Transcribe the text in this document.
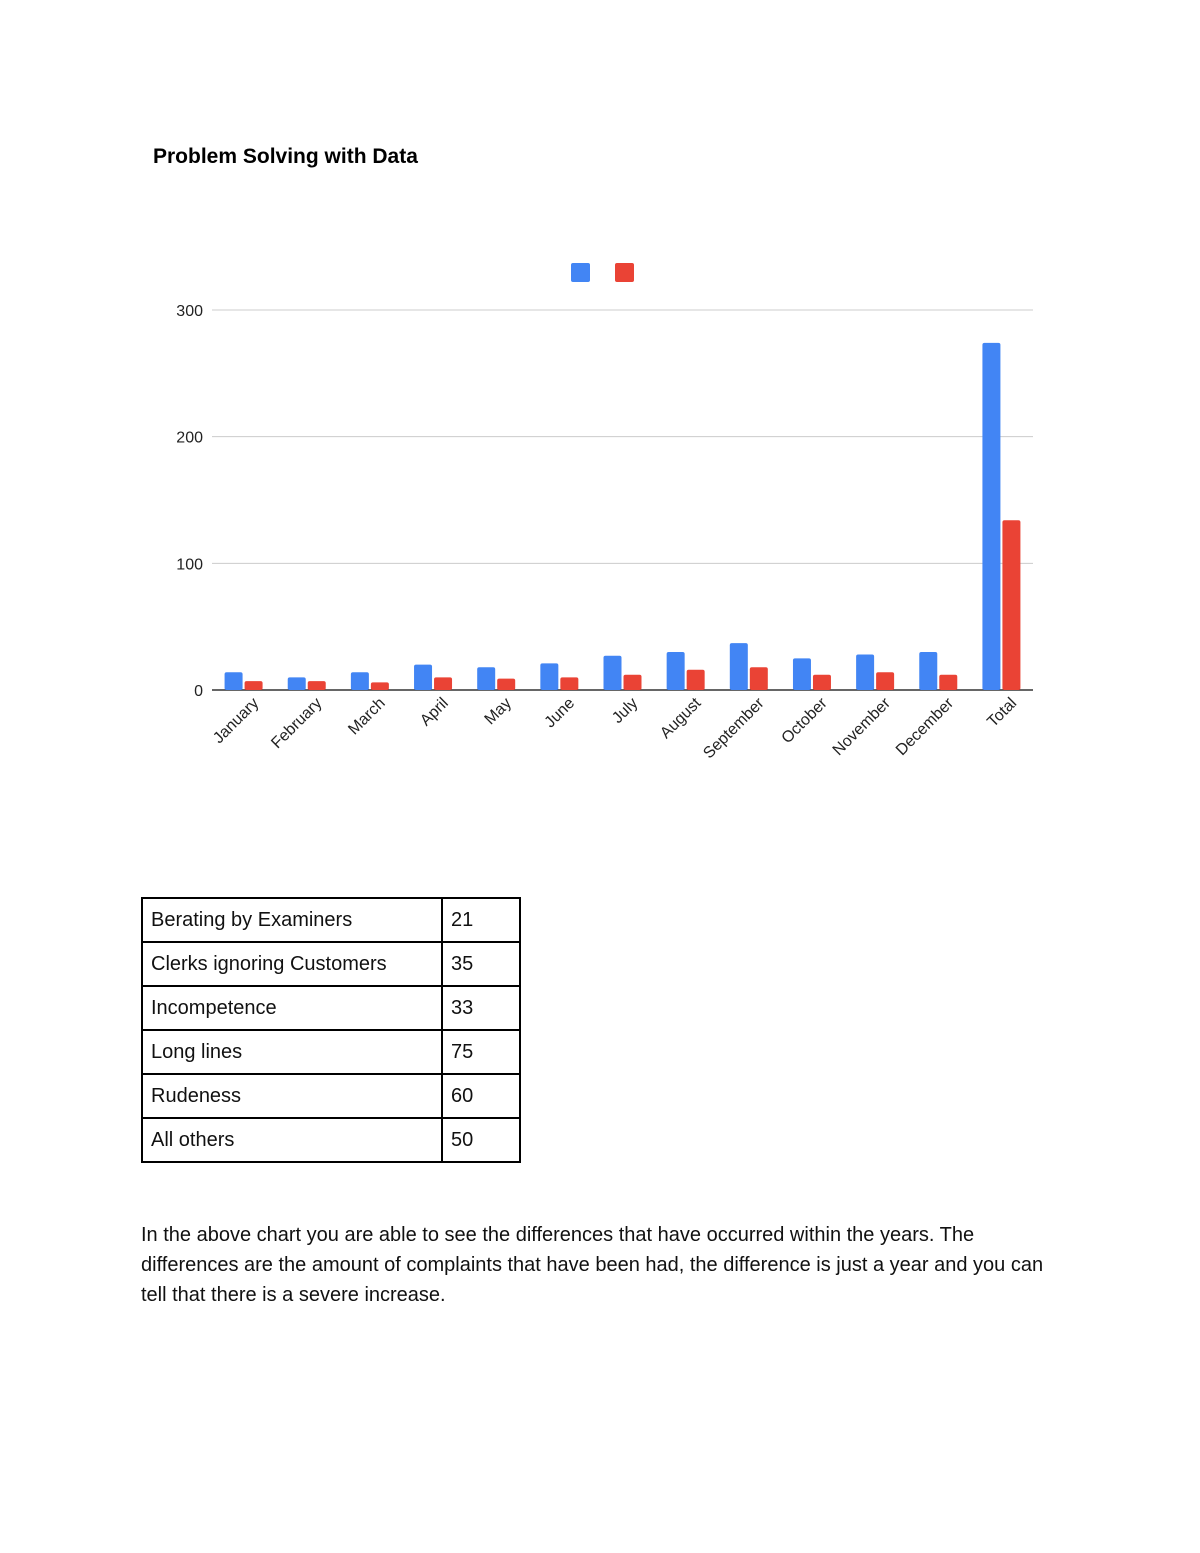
Problem Solving with Data
0
100
200
300
January February March April May June July August
September October
November
December Total
Berating by Examiners	21
Clerks ignoring Customers	35
Incompetence	33
Long lines	75
Rudeness	60
All others	50

In the above chart you are able to see the differences that have occurred within the years. The differences are the amount of complaints that have been had, the difference is just a year and you can tell that there is a severe increase.
